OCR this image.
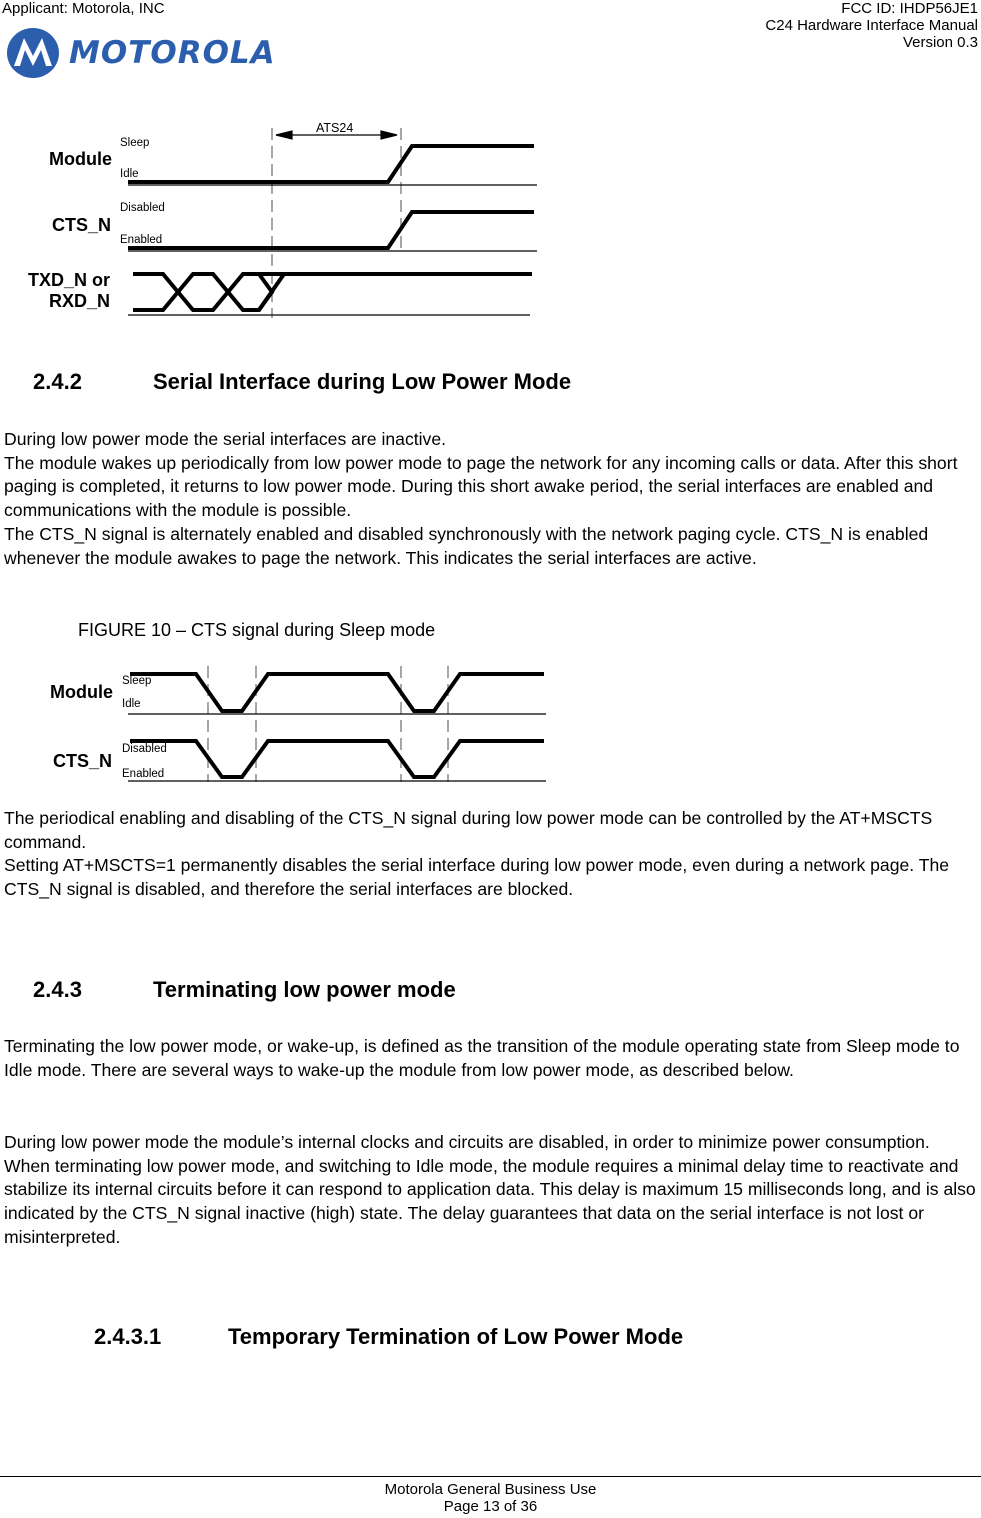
Applicant: Motorola, INC	FCC ID: IHDP56JE1
C24 Hardware Interface Manual
Version 0.3
MOTOROLA
ATS24
Module
Sleep
Idle
CTS_N
Disabled
Enabled
TXD_N or
RXD_N
2.4.2	Serial Interface during Low Power Mode

During low power mode the serial interfaces are inactive.

The module wakes up periodically from low power mode to page the network for any incoming calls or data. After this short paging is completed, it returns to low power mode. During this short awake period, the serial interfaces are enabled and communications with the module is possible.

The CTS_N signal is alternately enabled and disabled synchronously with the network paging cycle. CTS_N is enabled whenever the module awakes to page the network. This indicates the serial interfaces are active.

FIGURE 10 – CTS signal during Sleep mode
Module
Sleep
Idle
CTS_N
Disabled
Enabled

The periodical enabling and disabling of the CTS_N signal during low power mode can be controlled by the AT+MSCTS command.

Setting AT+MSCTS=1 permanently disables the serial interface during low power mode, even during a network page. The CTS_N signal is disabled, and therefore the serial interfaces are blocked.

2.4.3	Terminating low power mode
Terminating the low power mode, or wake-up, is defined as the transition of the module operating state from Sleep mode to Idle mode. There are several ways to wake-up the module from low power mode, as described below.
During low power mode the module’s internal clocks and circuits are disabled, in order to minimize power consumption. When terminating low power mode, and switching to Idle mode, the module requires a minimal delay time to reactivate and stabilize its internal circuits before it can respond to application data. This delay is maximum 15 milliseconds long, and is also indicated by the CTS_N signal inactive (high) state. The delay guarantees that data on the serial interface is not lost or misinterpreted.
2.4.3.1	Temporary Termination of Low Power Mode
Motorola General Business Use
Page 13 of 36
